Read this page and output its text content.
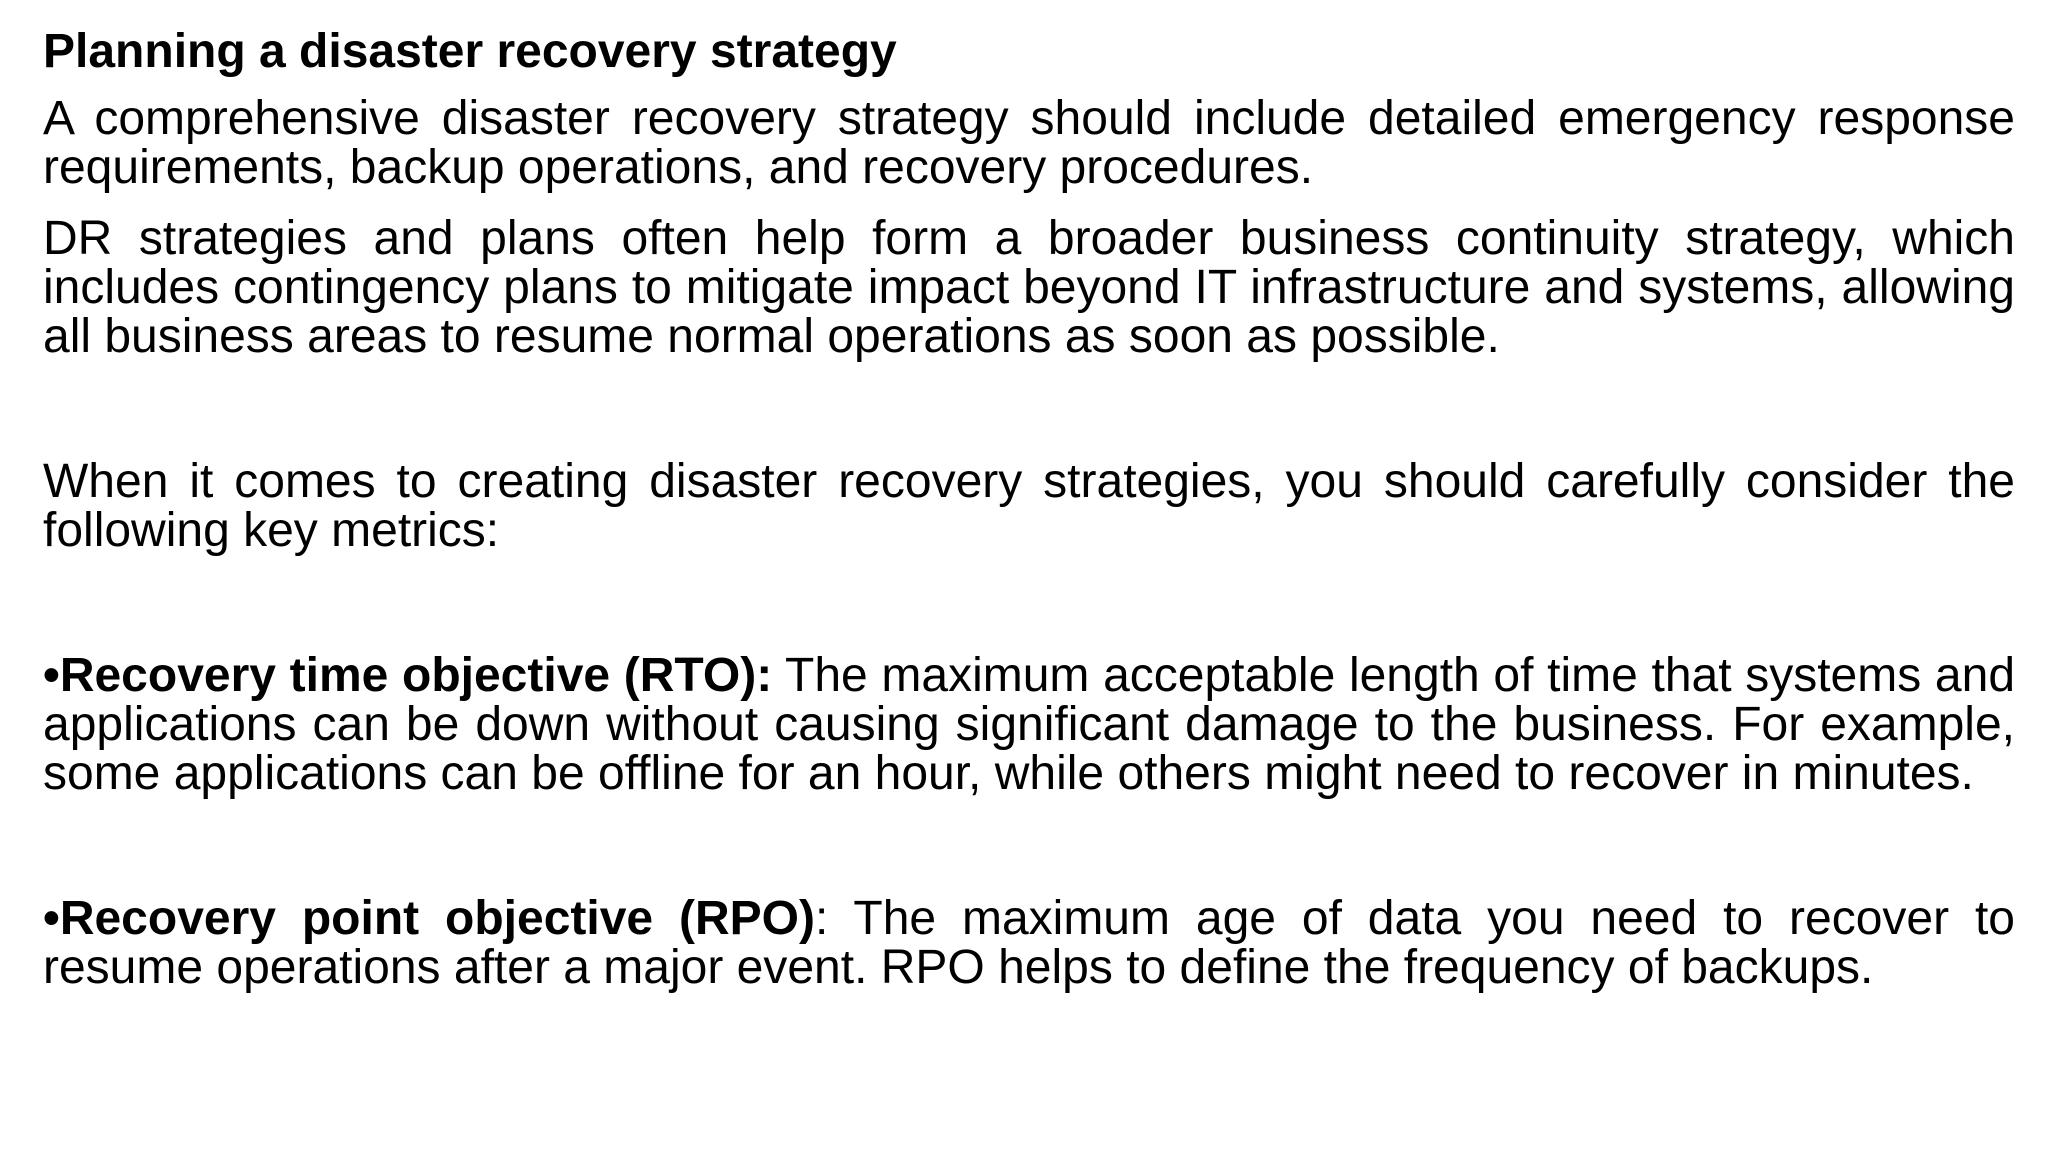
Planning a disaster recovery strategy

A comprehensive disaster recovery strategy should include detailed emergency response requirements, backup operations, and recovery procedures.

DR strategies and plans often help form a broader business continuity strategy, which includes contingency plans to mitigate impact beyond IT infrastructure and systems, allowing all business areas to resume normal operations as soon as possible.

When it comes to creating disaster recovery strategies, you should carefully consider the following key metrics:

•Recovery time objective (RTO): The maximum acceptable length of time that systems and applications can be down without causing significant damage to the business. For example, some applications can be offline for an hour, while others might need to recover in minutes.

•Recovery point objective (RPO): The maximum age of data you need to recover to resume operations after a major event. RPO helps to define the frequency of backups.
